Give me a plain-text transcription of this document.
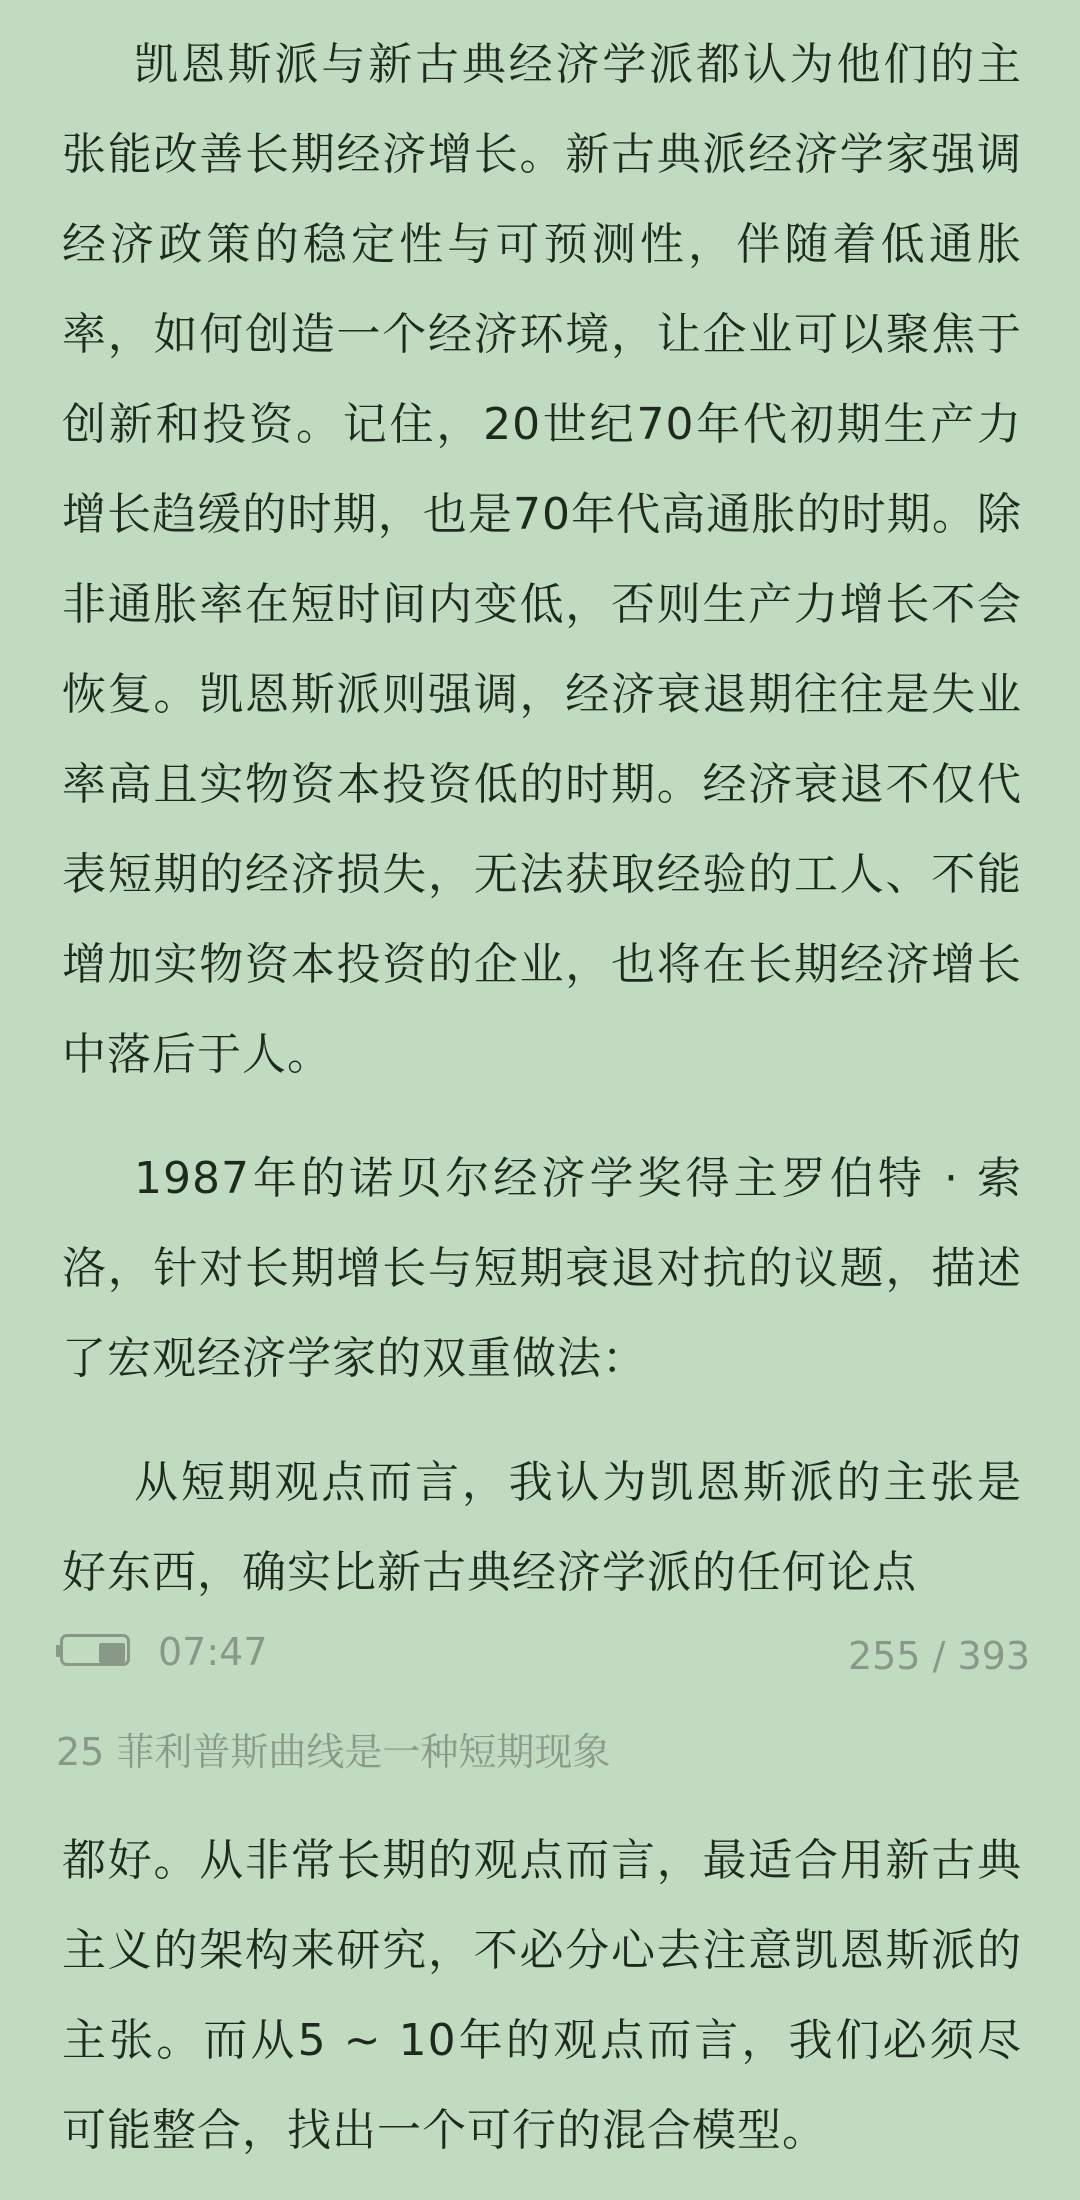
凯恩斯派与新古典经济学派都认为他们的主张能改善长期经济增长。新古典派经济学家强调经济政策的稳定性与可预测性，伴随着低通胀率，如何创造一个经济环境，让企业可以聚焦于创新和投资。记住，20世纪70年代初期生产力增长趋缓的时期，也是70年代高通胀的时期。除非通胀率在短时间内变低，否则生产力增长不会恢复。凯恩斯派则强调，经济衰退期往往是失业率高且实物资本投资低的时期。经济衰退不仅代表短期的经济损失，无法获取经验的工人、不能增加实物资本投资的企业，也将在长期经济增长中落后于人。

1987年的诺贝尔经济学奖得主罗伯特 · 索洛，针对长期增长与短期衰退对抗的议题，描述了宏观经济学家的双重做法：

从短期观点而言，我认为凯恩斯派的主张是好东西，确实比新古典经济学派的任何论点

07:47	255 / 393
25 菲利普斯曲线是一种短期现象

都好。从非常长期的观点而言，最适合用新古典主义的架构来研究，不必分心去注意凯恩斯派的主张。而从5 ~ 10年的观点而言，我们必须尽可能整合，找出一个可行的混合模型。
